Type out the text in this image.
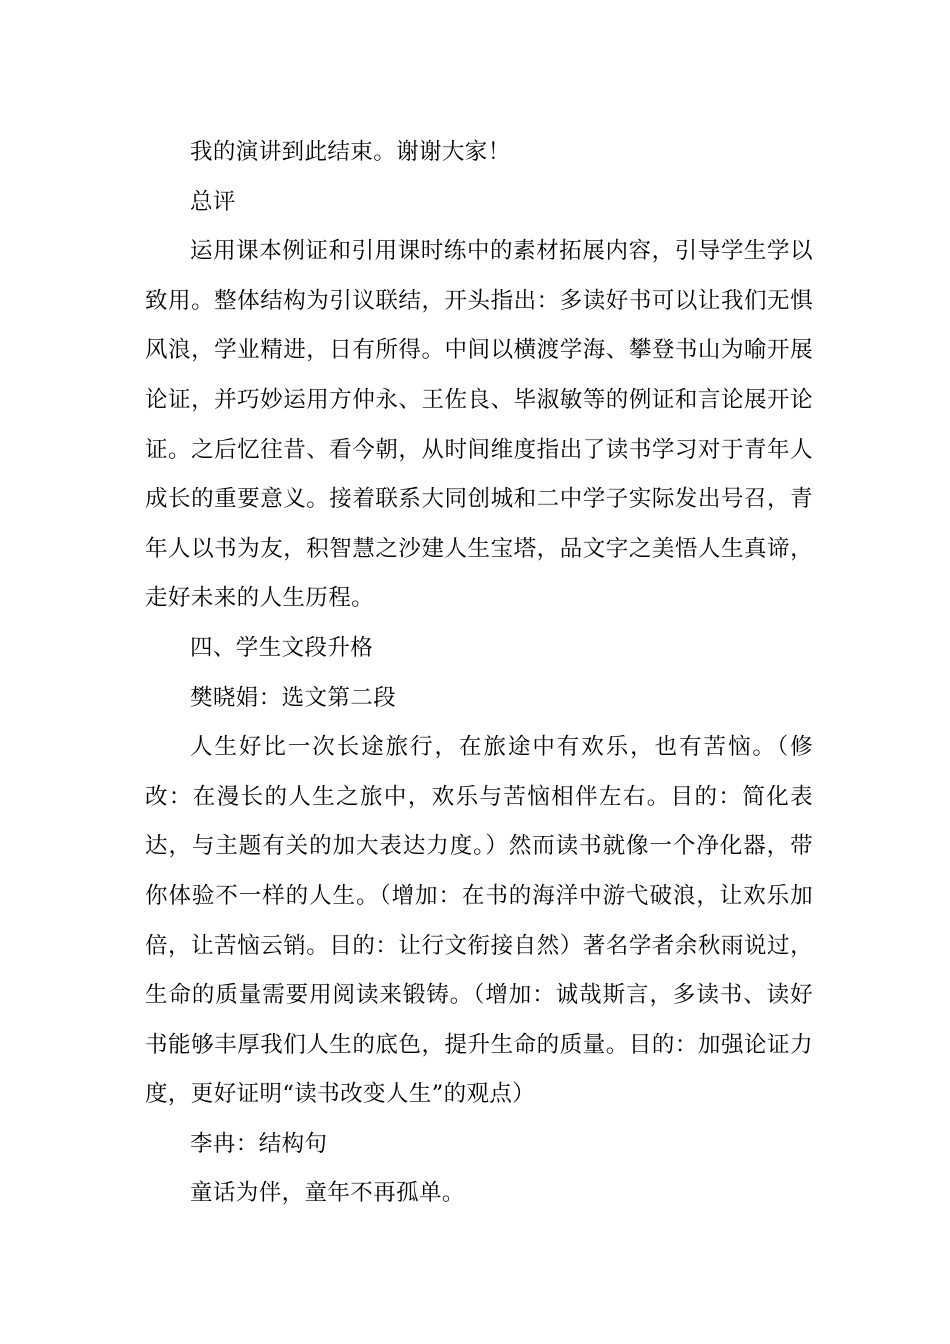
我的演讲到此结束。谢谢大家！

总评

运用课本例证和引用课时练中的素材拓展内容，引导学生学以致用。整体结构为引议联结，开头指出：多读好书可以让我们无惧风浪，学业精进，日有所得。中间以横渡学海、攀登书山为喻开展论证，并巧妙运用方仲永、王佐良、毕淑敏等的例证和言论展开论证。之后忆往昔、看今朝，从时间维度指出了读书学习对于青年人成长的重要意义。接着联系大同创城和二中学子实际发出号召，青年人以书为友，积智慧之沙建人生宝塔，品文字之美悟人生真谛，走好未来的人生历程。

四、学生文段升格

樊晓娟：选文第二段

人生好比一次长途旅行，在旅途中有欢乐，也有苦恼。（修改：在漫长的人生之旅中，欢乐与苦恼相伴左右。目的：简化表达，与主题有关的加大表达力度。）然而读书就像一个净化器，带你体验不一样的人生。（增加：在书的海洋中游弋破浪，让欢乐加倍，让苦恼云销。目的：让行文衔接自然）著名学者余秋雨说过，生命的质量需要用阅读来锻铸。（增加：诚哉斯言，多读书、读好书能够丰厚我们人生的底色，提升生命的质量。目的：加强论证力度，更好证明“读书改变人生”的观点）

李冉：结构句

童话为伴，童年不再孤单。
